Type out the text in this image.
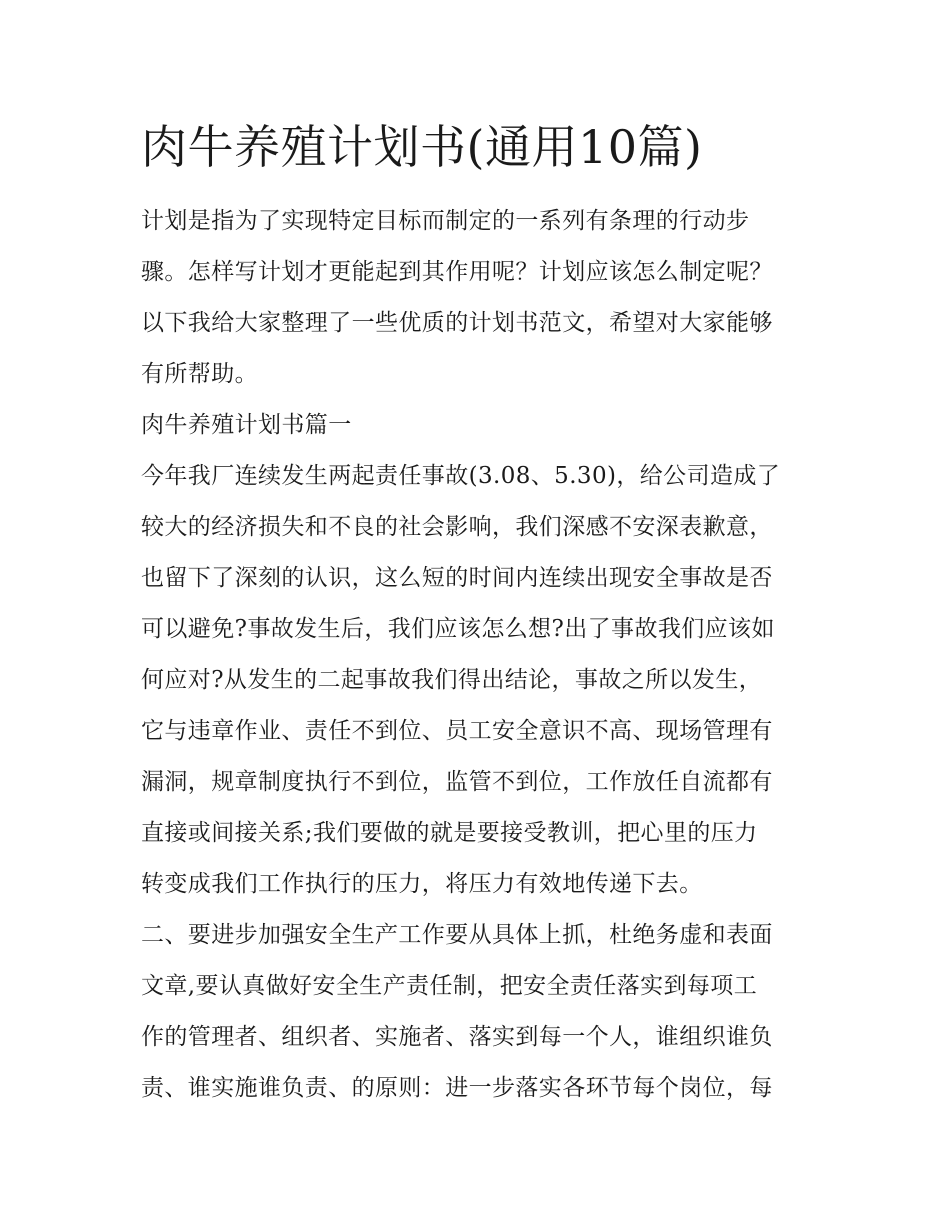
肉牛养殖计划书(通用10篇)
计划是指为了实现特定目标而制定的一系列有条理的行动步
骤。怎样写计划才更能起到其作用呢？计划应该怎么制定呢？
以下我给大家整理了一些优质的计划书范文，希望对大家能够
有所帮助。
肉牛养殖计划书篇一
今年我厂连续发生两起责任事故(3.08、5.30)，给公司造成了
较大的经济损失和不良的社会影响，我们深感不安深表歉意，
也留下了深刻的认识，这么短的时间内连续出现安全事故是否
可以避免?事故发生后，我们应该怎么想?出了事故我们应该如
何应对?从发生的二起事故我们得出结论，事故之所以发生，
它与违章作业、责任不到位、员工安全意识不高、现场管理有
漏洞，规章制度执行不到位，监管不到位，工作放任自流都有
直接或间接关系;我们要做的就是要接受教训，把心里的压力
转变成我们工作执行的压力，将压力有效地传递下去。
二、要进步加强安全生产工作要从具体上抓，杜绝务虚和表面
文章,要认真做好安全生产责任制，把安全责任落实到每项工
作的管理者、组织者、实施者、落实到每一个人，谁组织谁负
责、谁实施谁负责、的原则：进一步落实各环节每个岗位，每
